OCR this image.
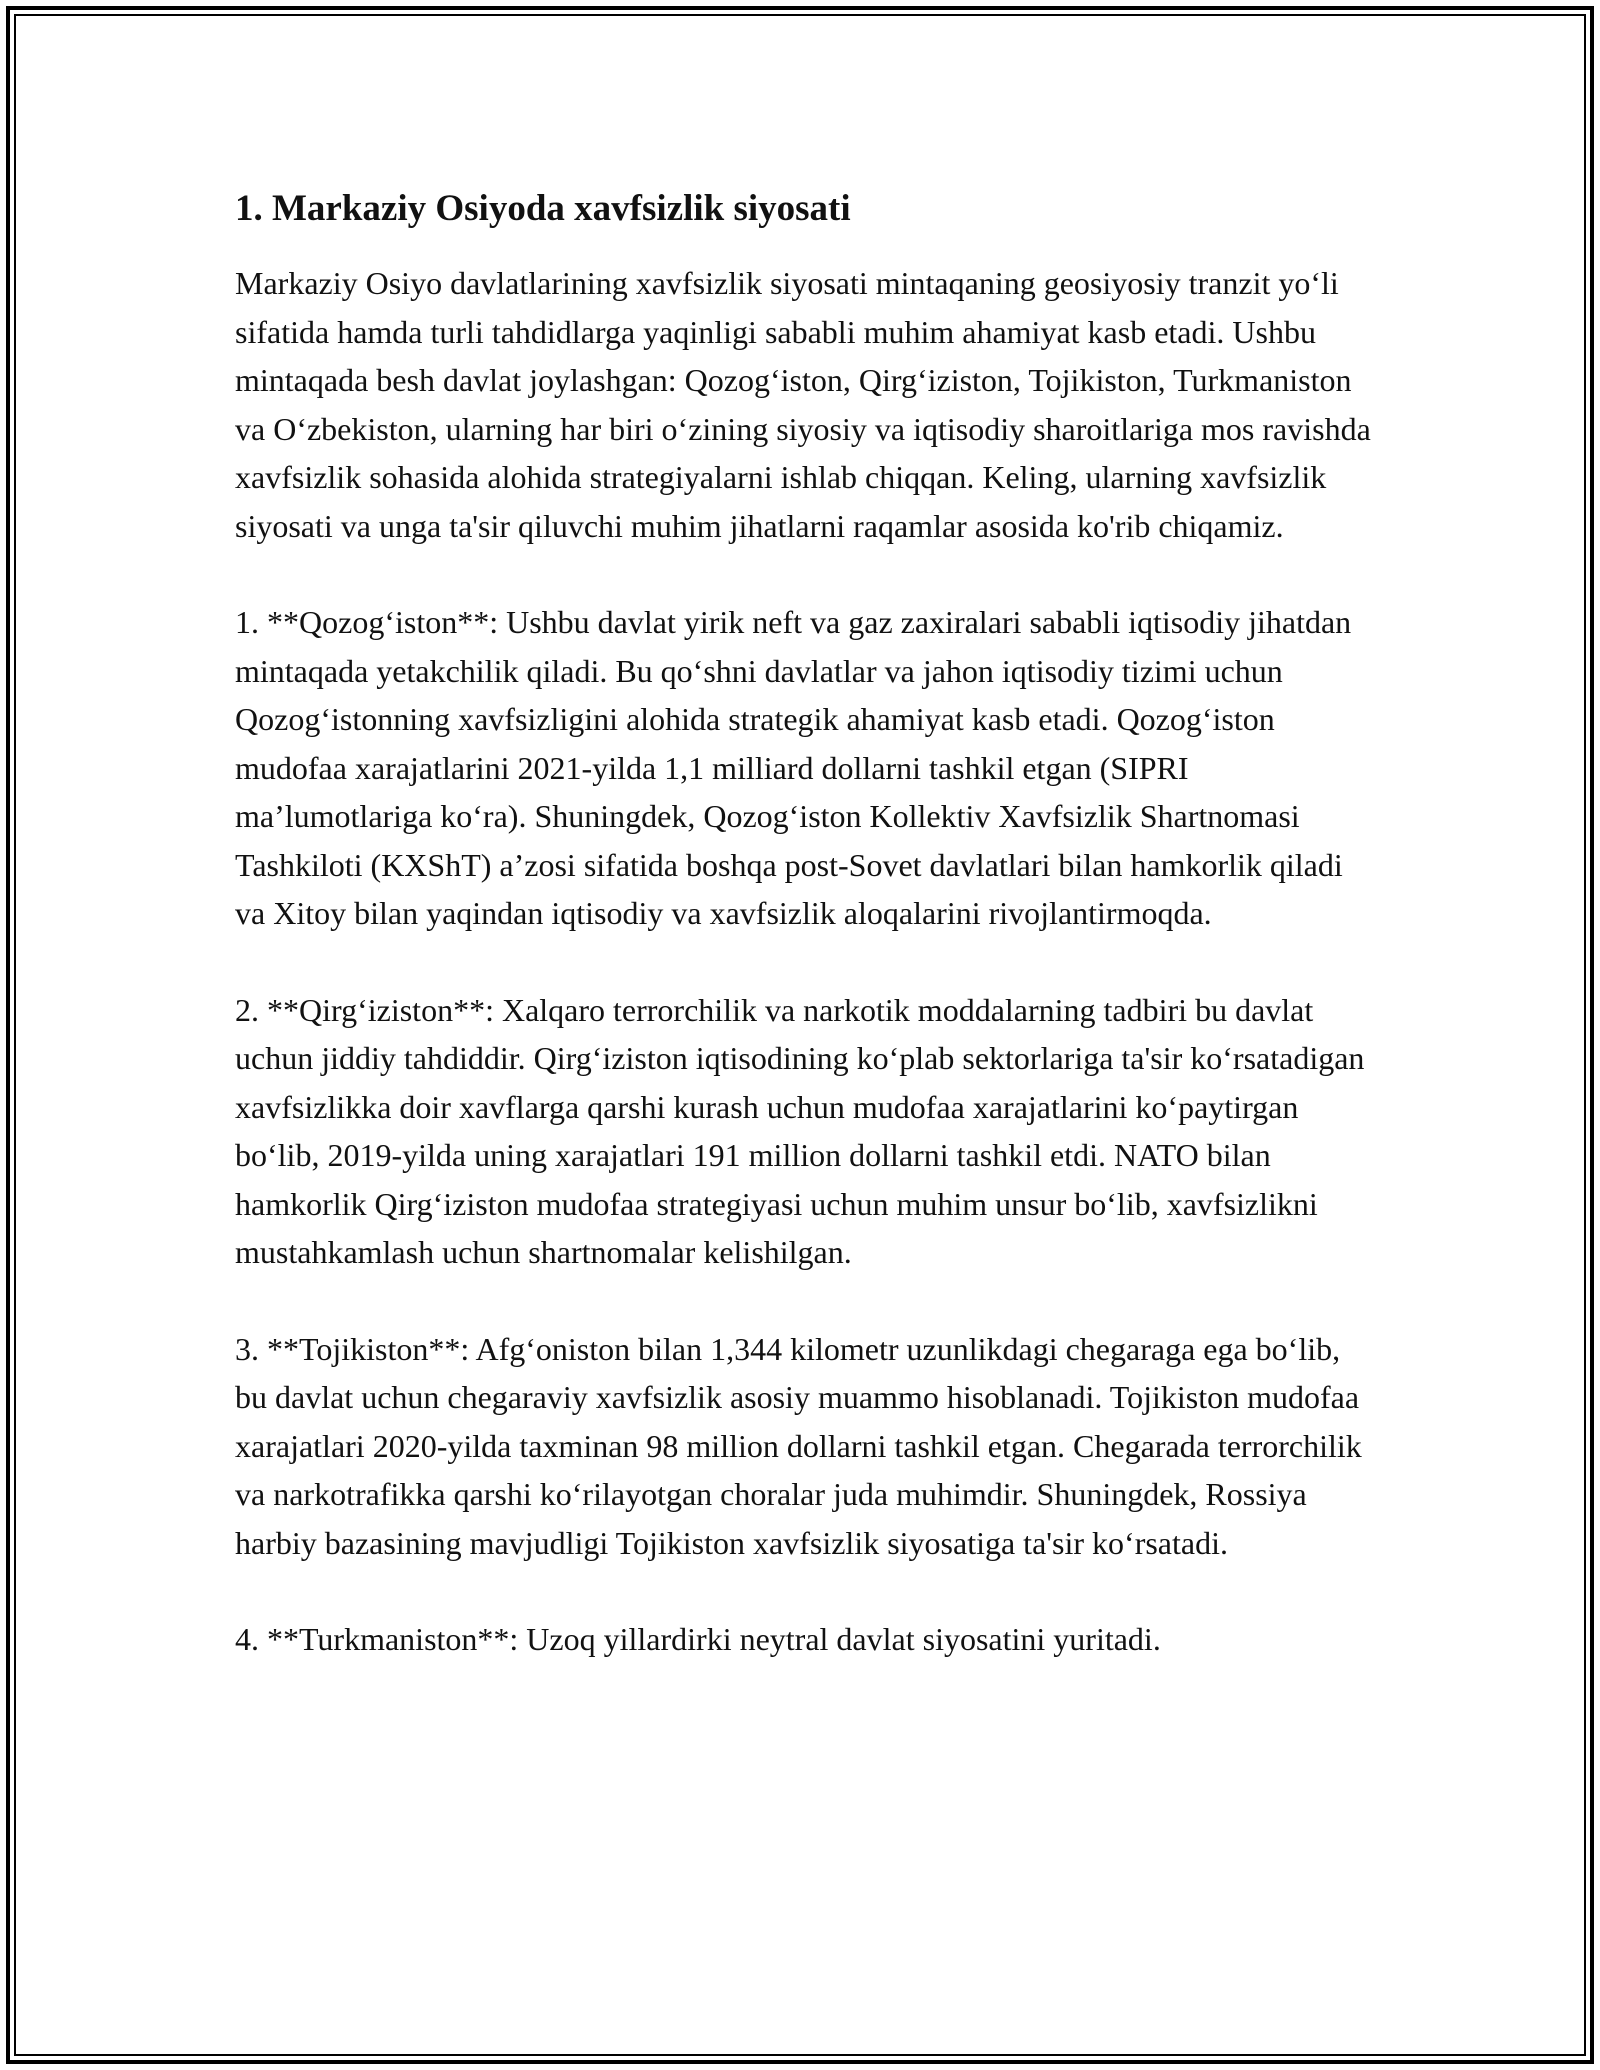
1. Markaziy Osiyoda xavfsizlik siyosati

Markaziy Osiyo davlatlarining xavfsizlik siyosati mintaqaning geosiyosiy tranzit yo‘li sifatida hamda turli tahdidlarga yaqinligi sababli muhim ahamiyat kasb etadi. Ushbu mintaqada besh davlat joylashgan: Qozog‘iston, Qirg‘iziston, Tojikiston, Turkmaniston va O‘zbekiston, ularning har biri o‘zining siyosiy va iqtisodiy sharoitlariga mos ravishda xavfsizlik sohasida alohida strategiyalarni ishlab chiqqan. Keling, ularning xavfsizlik siyosati va unga ta'sir qiluvchi muhim jihatlarni raqamlar asosida ko'rib chiqamiz.

1. **Qozog‘iston**: Ushbu davlat yirik neft va gaz zaxiralari sababli iqtisodiy jihatdan mintaqada yetakchilik qiladi. Bu qo‘shni davlatlar va jahon iqtisodiy tizimi uchun Qozog‘istonning xavfsizligini alohida strategik ahamiyat kasb etadi. Qozog‘iston mudofaa xarajatlarini 2021-yilda 1,1 milliard dollarni tashkil etgan (SIPRI ma’lumotlariga ko‘ra). Shuningdek, Qozog‘iston Kollektiv Xavfsizlik Shartnomasi Tashkiloti (KXShT) a’zosi sifatida boshqa post-Sovet davlatlari bilan hamkorlik qiladi va Xitoy bilan yaqindan iqtisodiy va xavfsizlik aloqalarini rivojlantirmoqda.

2. **Qirg‘iziston**: Xalqaro terrorchilik va narkotik moddalarning tadbiri bu davlat uchun jiddiy tahdiddir. Qirg‘iziston iqtisodining ko‘plab sektorlariga ta'sir ko‘rsatadigan xavfsizlikka doir xavflarga qarshi kurash uchun mudofaa xarajatlarini ko‘paytirgan bo‘lib, 2019-yilda uning xarajatlari 191 million dollarni tashkil etdi. NATO bilan hamkorlik Qirg‘iziston mudofaa strategiyasi uchun muhim unsur bo‘lib, xavfsizlikni mustahkamlash uchun shartnomalar kelishilgan.

3. **Tojikiston**: Afg‘oniston bilan 1,344 kilometr uzunlikdagi chegaraga ega bo‘lib, bu davlat uchun chegaraviy xavfsizlik asosiy muammo hisoblanadi. Tojikiston mudofaa xarajatlari 2020-yilda taxminan 98 million dollarni tashkil etgan. Chegarada terrorchilik va narkotrafikka qarshi ko‘rilayotgan choralar juda muhimdir. Shuningdek, Rossiya harbiy bazasining mavjudligi Tojikiston xavfsizlik siyosatiga ta'sir ko‘rsatadi.

4. **Turkmaniston**: Uzoq yillardirki neytral davlat siyosatini yuritadi.
